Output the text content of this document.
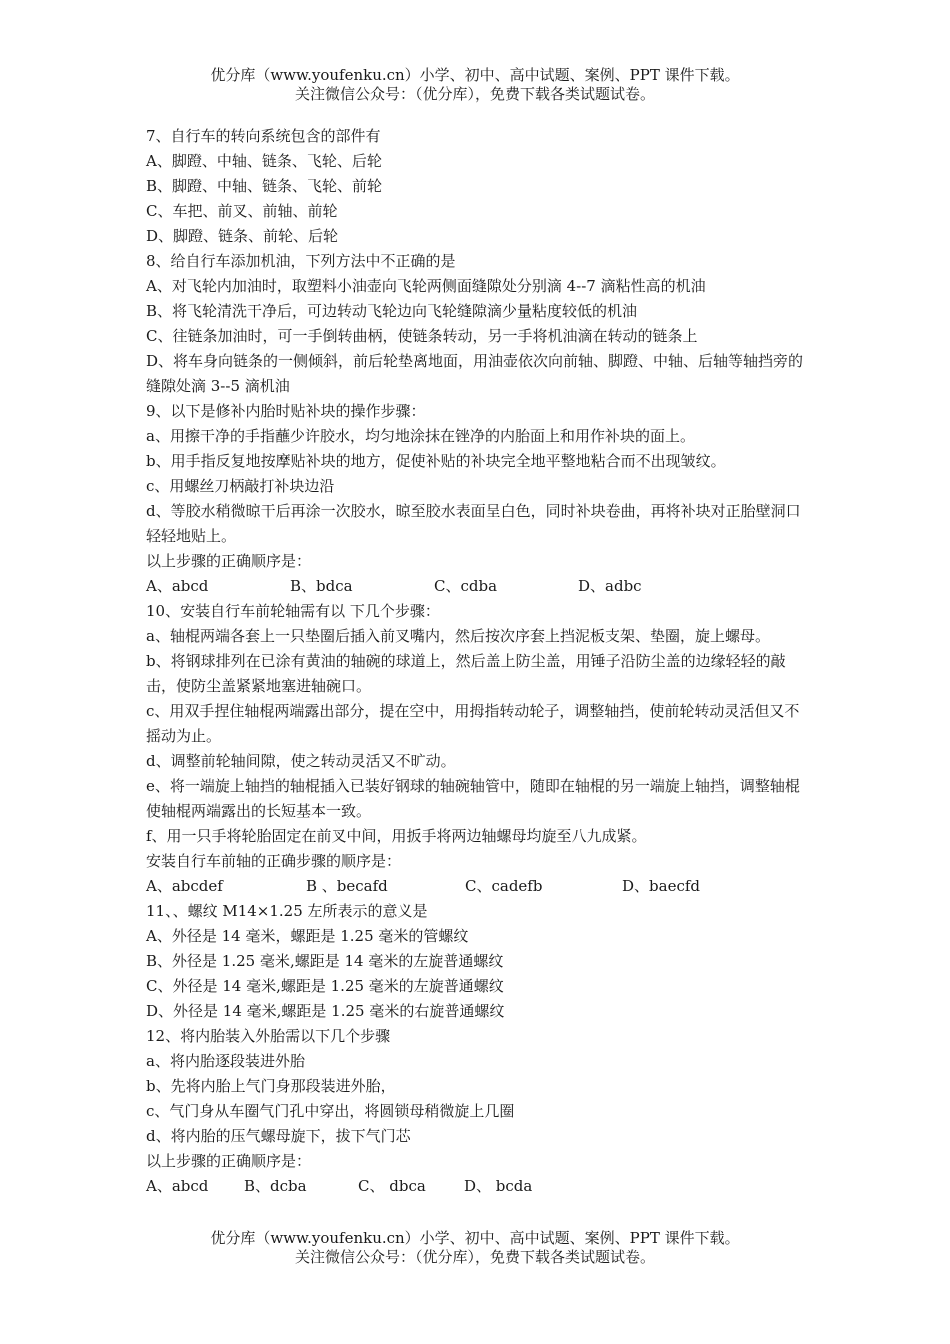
优分库（www.youfenku.cn）小学、初中、高中试题、案例、PPT 课件下载。
关注微信公众号：（优分库），免费下载各类试题试卷。
7、自行车的转向系统包含的部件有
A、脚蹬、中轴、链条、飞轮、后轮
B、脚蹬、中轴、链条、飞轮、前轮
C、车把、前叉、前轴、前轮
D、脚蹬、链条、前轮、后轮
8、给自行车添加机油，下列方法中不正确的是
A、对飞轮内加油时，取塑料小油壶向飞轮两侧面缝隙处分别滴 4--7 滴粘性高的机油
B、将飞轮清洗干净后，可边转动飞轮边向飞轮缝隙滴少量粘度较低的机油
C、往链条加油时，可一手倒转曲柄，使链条转动，另一手将机油滴在转动的链条上
D、将车身向链条的一侧倾斜，前后轮垫离地面，用油壶依次向前轴、脚蹬、中轴、后轴等轴挡旁的缝隙处滴 3--5 滴机油
9、以下是修补内胎时贴补块的操作步骤：
a、用擦干净的手指蘸少许胶水，均匀地涂抹在锉净的内胎面上和用作补块的面上。
b、用手指反复地按摩贴补块的地方，促使补贴的补块完全地平整地粘合而不出现皱纹。
c、用螺丝刀柄敲打补块边沿
d、等胶水稍微晾干后再涂一次胶水，晾至胶水表面呈白色，同时补块卷曲，再将补块对正胎壁洞口轻轻地贴上。
以上步骤的正确顺序是：
A、abcd	B、bdca	C、cdba	D、adbc
10、安装自行车前轮轴需有以 下几个步骤：
a、轴棍两端各套上一只垫圈后插入前叉嘴内，然后按次序套上挡泥板支架、垫圈，旋上螺母。
b、将钢球排列在已涂有黄油的轴碗的球道上，然后盖上防尘盖，用锤子沿防尘盖的边缘轻轻的敲击，使防尘盖紧紧地塞进轴碗口。
c、用双手捏住轴棍两端露出部分，提在空中，用拇指转动轮子，调整轴挡，使前轮转动灵活但又不摇动为止。
d、调整前轮轴间隙，使之转动灵活又不旷动。
e、将一端旋上轴挡的轴棍插入已装好钢球的轴碗轴管中，随即在轴棍的另一端旋上轴挡，调整轴棍使轴棍两端露出的长短基本一致。
f、用一只手将轮胎固定在前叉中间，用扳手将两边轴螺母均旋至八九成紧。
安装自行车前轴的正确步骤的顺序是：
A、abcdef	B 、becafd	C、cadefb	D、baecfd
11、、螺纹 M14×1.25 左所表示的意义是
A、外径是 14 毫米，螺距是 1.25 毫米的管螺纹
B、外径是 1.25 毫米,螺距是 14 毫米的左旋普通螺纹
C、外径是 14 毫米,螺距是 1.25 毫米的左旋普通螺纹
D、外径是 14 毫米,螺距是 1.25 毫米的右旋普通螺纹
12、将内胎装入外胎需以下几个步骤
a、将内胎逐段装进外胎
b、先将内胎上气门身那段装进外胎，
c、气门身从车圈气门孔中穿出，将圆锁母稍微旋上几圈
d、将内胎的压气螺母旋下，拔下气门芯
以上步骤的正确顺序是：
A、abcd	B、dcba	C、 dbca	D、 bcda
优分库（www.youfenku.cn）小学、初中、高中试题、案例、PPT 课件下载。
关注微信公众号：（优分库），免费下载各类试题试卷。
